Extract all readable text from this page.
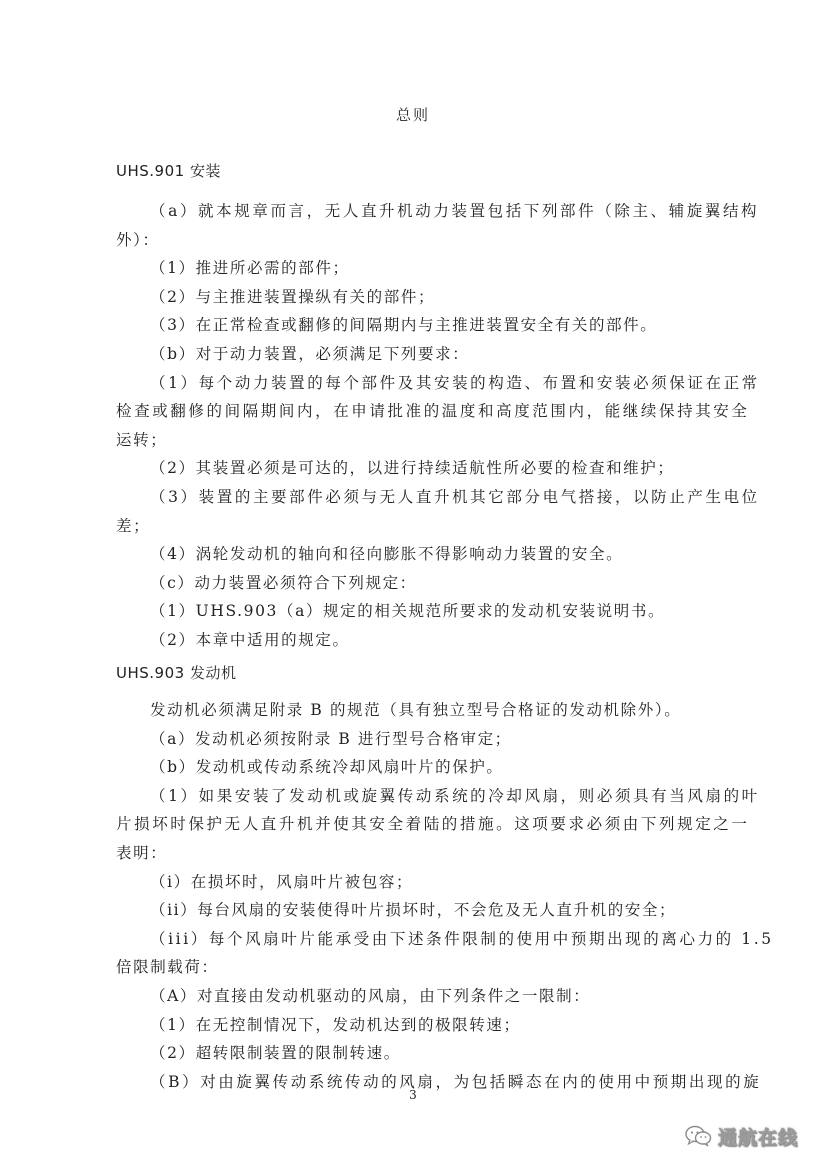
总则
UHS.901 安装
（a）就本规章而言，无人直升机动力装置包括下列部件（除主、辅旋翼结构
外）：
（1）推进所必需的部件；
（2）与主推进装置操纵有关的部件；
（3）在正常检查或翻修的间隔期内与主推进装置安全有关的部件。
（b）对于动力装置，必须满足下列要求：
（1）每个动力装置的每个部件及其安装的构造、布置和安装必须保证在正常
检查或翻修的间隔期间内，在申请批准的温度和高度范围内，能继续保持其安全
运转；
（2）其装置必须是可达的，以进行持续适航性所必要的检查和维护；
（3）装置的主要部件必须与无人直升机其它部分电气搭接，以防止产生电位
差；
（4）涡轮发动机的轴向和径向膨胀不得影响动力装置的安全。
（c）动力装置必须符合下列规定：
（1）UHS.903（a）规定的相关规范所要求的发动机安装说明书。
（2）本章中适用的规定。
UHS.903 发动机
发动机必须满足附录 B 的规范（具有独立型号合格证的发动机除外）。
（a）发动机必须按附录 B 进行型号合格审定；
（b）发动机或传动系统冷却风扇叶片的保护。
（1）如果安装了发动机或旋翼传动系统的冷却风扇，则必须具有当风扇的叶
片损坏时保护无人直升机并使其安全着陆的措施。这项要求必须由下列规定之一
表明：
（i）在损坏时，风扇叶片被包容；
（ii）每台风扇的安装使得叶片损坏时，不会危及无人直升机的安全；
（iii）每个风扇叶片能承受由下述条件限制的使用中预期出现的离心力的 1.5
倍限制载荷：
（A）对直接由发动机驱动的风扇，由下列条件之一限制：
（1）在无控制情况下，发动机达到的极限转速；
（2）超转限制装置的限制转速。
（B）对由旋翼传动系统传动的风扇，为包括瞬态在内的使用中预期出现的旋
3
通航在线
